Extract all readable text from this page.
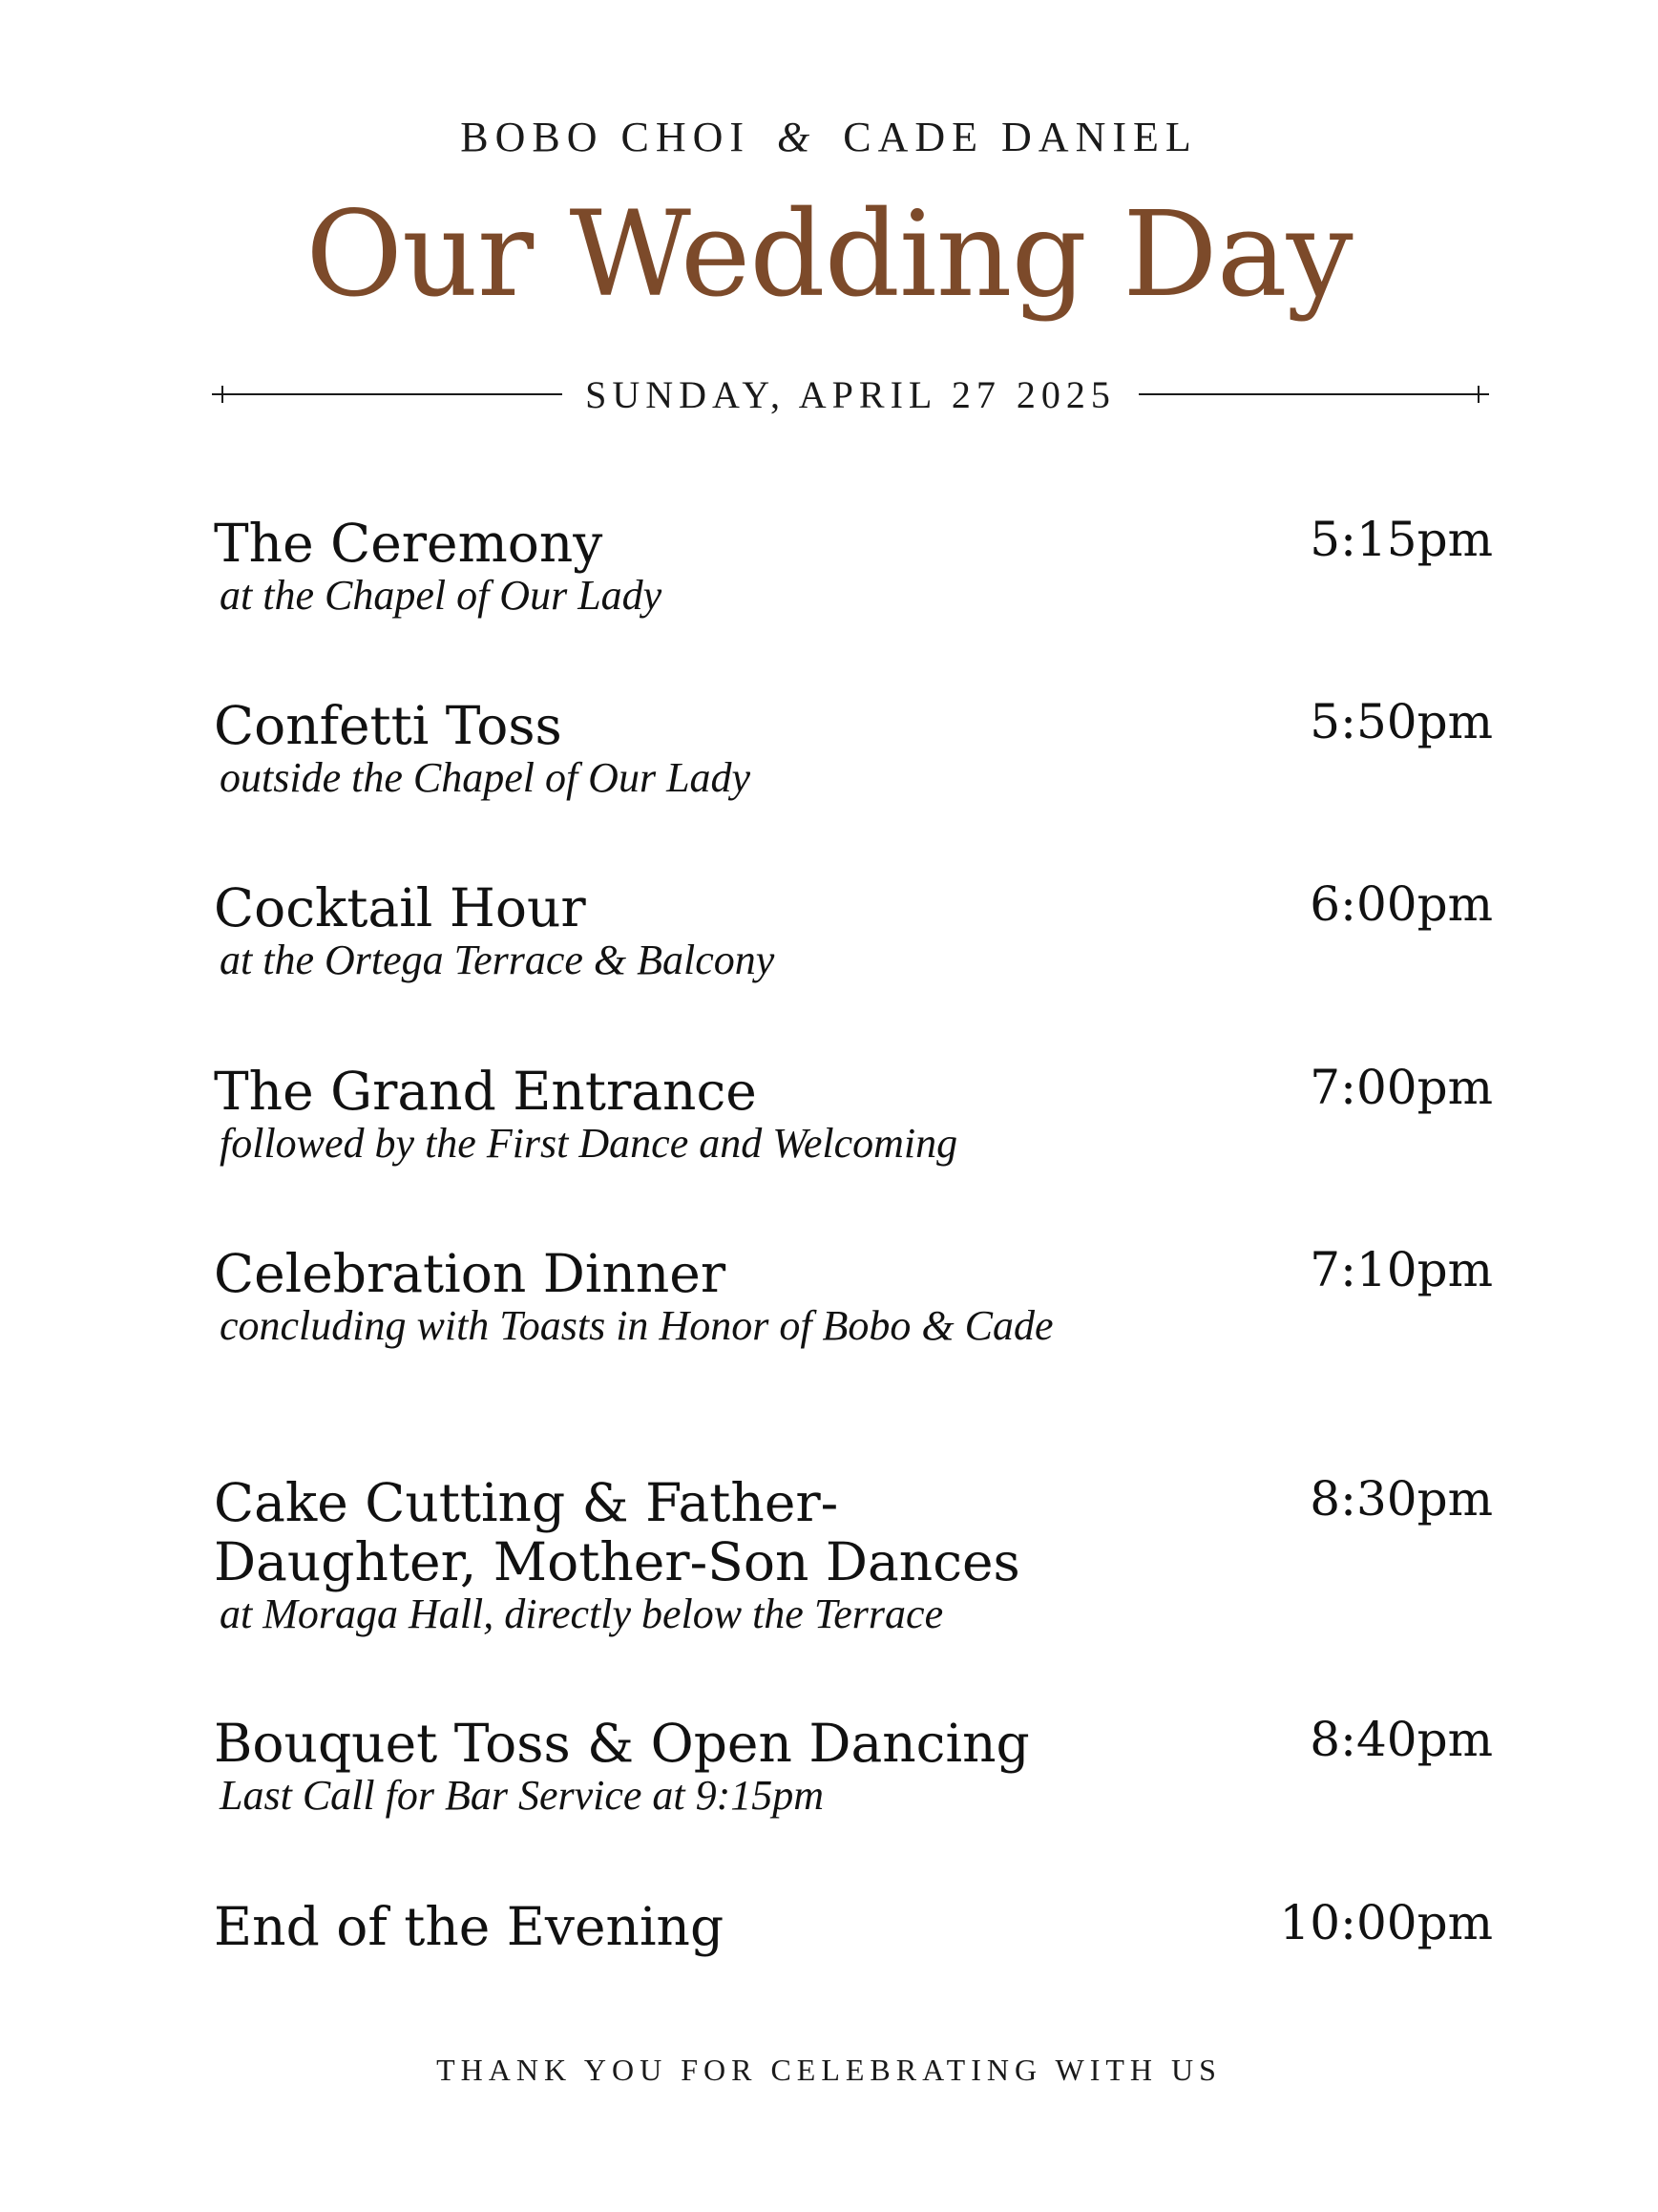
BOBO CHOI & CADE DANIEL
Our Wedding Day
SUNDAY, APRIL 27 2025
The Ceremony
at the Chapel of Our Lady
5:15pm
Confetti Toss
outside the Chapel of Our Lady
5:50pm
Cocktail Hour
at the Ortega Terrace & Balcony
6:00pm
The Grand Entrance
followed by the First Dance and Welcoming
7:00pm
Celebration Dinner
concluding with Toasts in Honor of Bobo & Cade
7:10pm
Cake Cutting & Father-Daughter, Mother-Son Dances
at Moraga Hall, directly below the Terrace
8:30pm
Bouquet Toss & Open Dancing
Last Call for Bar Service at 9:15pm
8:40pm
End of the Evening	10:00pm
THANK YOU FOR CELEBRATING WITH US
